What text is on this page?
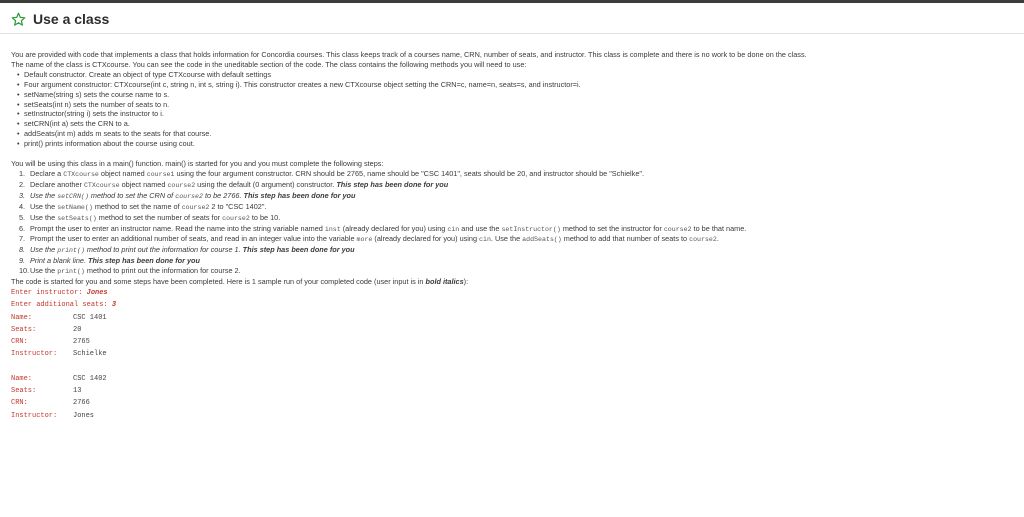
Use a class

You are provided with code that implements a class that holds information for Concordia courses. This class keeps track of a courses name, CRN, number of seats, and instructor. This class is complete and there is no work to be done on the class.

The name of the class is CTXcourse. You can see the code in the uneditable section of the code. The class contains the following methods you will need to use:

• Default constructor. Create an object of type CTXcourse with default settings
• Four argument constructor: CTXcourse(int c, string n, int s, string i). This constructor creates a new CTXcourse object setting the CRN=c, name=n, seats=s, and instructor=i.
• setName(string s) sets the course name to s.
• setSeats(int n) sets the number of seats to n.
• setInstructor(string i) sets the instructor to i.
• setCRN(int a) sets the CRN to a.
• addSeats(int m) adds m seats to the seats for that course.
• print() prints information about the course using cout.

You will be using this class in a main() function. main() is started for you and you must complete the following steps:

1. Declare a CTXcourse object named course1 using the four argument constructor. CRN should be 2765, name should be "CSC 1401", seats should be 20, and instructor should be "Schielke".
2. Declare another CTXcourse object named course2 using the default (0 argument) constructor. This step has been done for you
3. Use the setCRN() method to set the CRN of course2 to be 2766. This step has been done for you
4. Use the setName() method to set the name of course2 2 to "CSC 1402".
5. Use the setSeats() method to set the number of seats for course2 to be 10.
6. Prompt the user to enter an instructor name. Read the name into the string variable named inst (already declared for you) using cin and use the setInstructor() method to set the instructor for course2 to be that name.
7. Prompt the user to enter an additional number of seats, and read in an integer value into the variable more (already declared for you) using cin. Use the addSeats() method to add that number of seats to course2.
8. Use the print() method to print out the information for course 1. This step has been done for you
9. Print a blank line. This step has been done for you
10.Use the print() method to print out the information for course 2.

The code is started for you and some steps have been completed. Here is 1 sample run of your completed code (user input is in bold italics):

Enter instructor: Jones
Enter additional seats: 3
Name:	CSC 1401
Seats:	20
CRN:	2765
Instructor: Schielke
Name:	CSC 1402
Seats:	13
CRN:	2766
Instructor: Jones
